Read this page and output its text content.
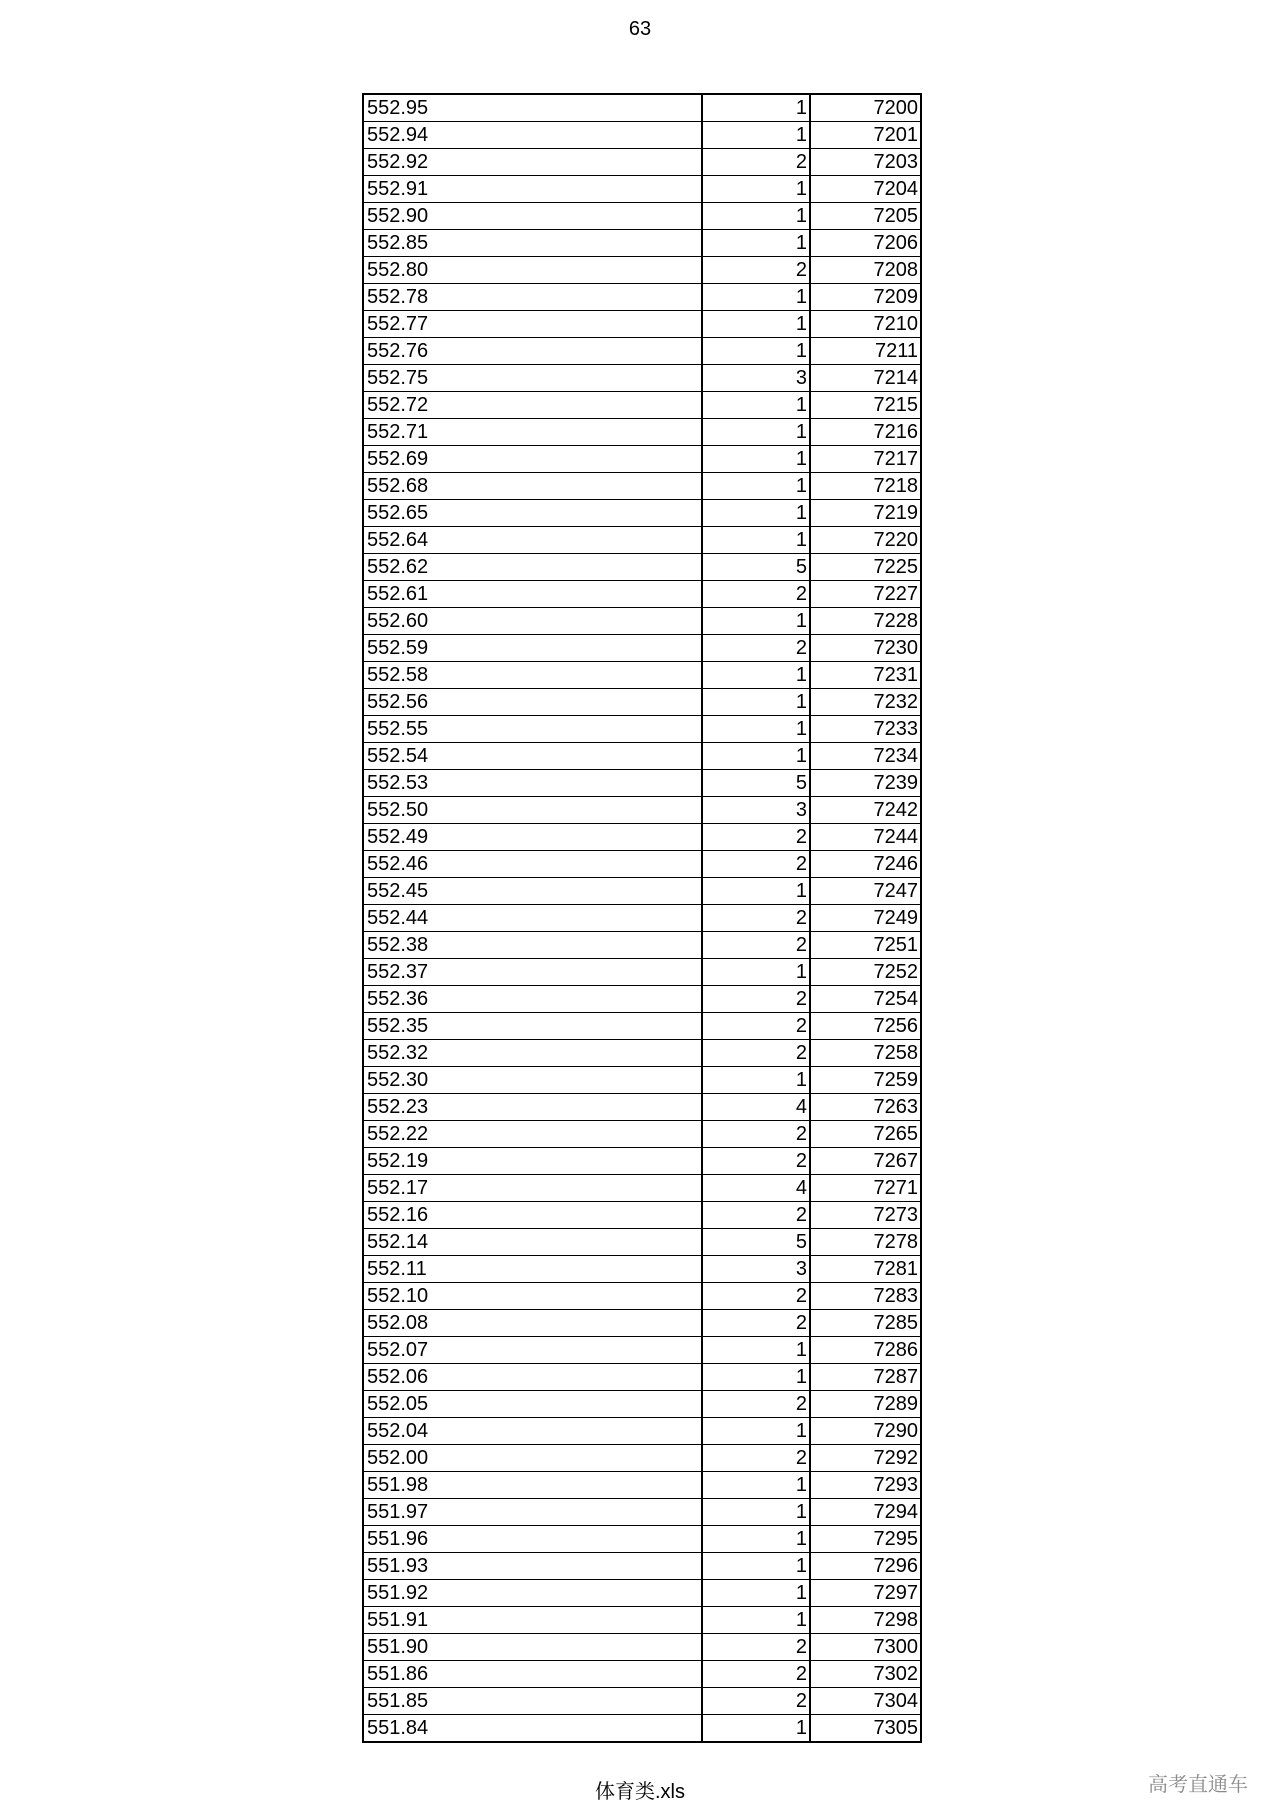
63
552.95	1	7200
552.94	1	7201
552.92	2	7203
552.91	1	7204
552.90	1	7205
552.85	1	7206
552.80	2	7208
552.78	1	7209
552.77	1	7210
552.76	1	7211
552.75	3	7214
552.72	1	7215
552.71	1	7216
552.69	1	7217
552.68	1	7218
552.65	1	7219
552.64	1	7220
552.62	5	7225
552.61	2	7227
552.60	1	7228
552.59	2	7230
552.58	1	7231
552.56	1	7232
552.55	1	7233
552.54	1	7234
552.53	5	7239
552.50	3	7242
552.49	2	7244
552.46	2	7246
552.45	1	7247
552.44	2	7249
552.38	2	7251
552.37	1	7252
552.36	2	7254
552.35	2	7256
552.32	2	7258
552.30	1	7259
552.23	4	7263
552.22	2	7265
552.19	2	7267
552.17	4	7271
552.16	2	7273
552.14	5	7278
552.11	3	7281
552.10	2	7283
552.08	2	7285
552.07	1	7286
552.06	1	7287
552.05	2	7289
552.04	1	7290
552.00	2	7292
551.98	1	7293
551.97	1	7294
551.96	1	7295
551.93	1	7296
551.92	1	7297
551.91	1	7298
551.90	2	7300
551.86	2	7302
551.85	2	7304
551.84	1	7305
体育类.xls	高考直通车
